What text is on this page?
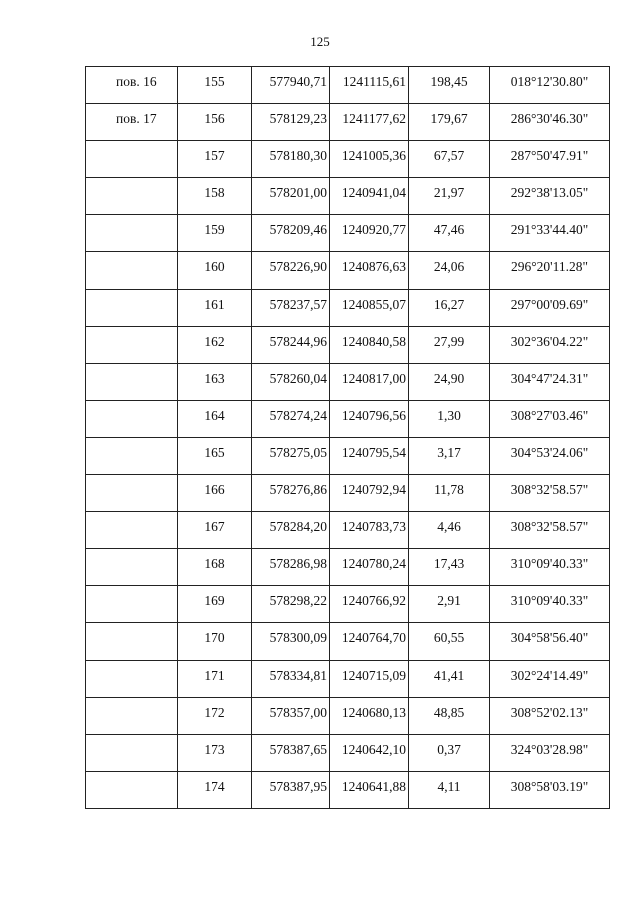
125
пов. 16	155	577940,71	1241115,61	198,45	018°12'30.80"

пов. 17	156	578129,23	1241177,62	179,67	286°30'46.30"

	157	578180,30	1241005,36	67,57	287°50'47.91"

	158	578201,00	1240941,04	21,97	292°38'13.05"

	159	578209,46	1240920,77	47,46	291°33'44.40"

	160	578226,90	1240876,63	24,06	296°20'11.28"

	161	578237,57	1240855,07	16,27	297°00'09.69"

	162	578244,96	1240840,58	27,99	302°36'04.22"

	163	578260,04	1240817,00	24,90	304°47'24.31"

	164	578274,24	1240796,56	1,30	308°27'03.46"

	165	578275,05	1240795,54	3,17	304°53'24.06"

	166	578276,86	1240792,94	11,78	308°32'58.57"

	167	578284,20	1240783,73	4,46	308°32'58.57"

	168	578286,98	1240780,24	17,43	310°09'40.33"

	169	578298,22	1240766,92	2,91	310°09'40.33"

	170	578300,09	1240764,70	60,55	304°58'56.40"

	171	578334,81	1240715,09	41,41	302°24'14.49"

	172	578357,00	1240680,13	48,85	308°52'02.13"

	173	578387,65	1240642,10	0,37	324°03'28.98"

	174	578387,95	1240641,88	4,11	308°58'03.19"
